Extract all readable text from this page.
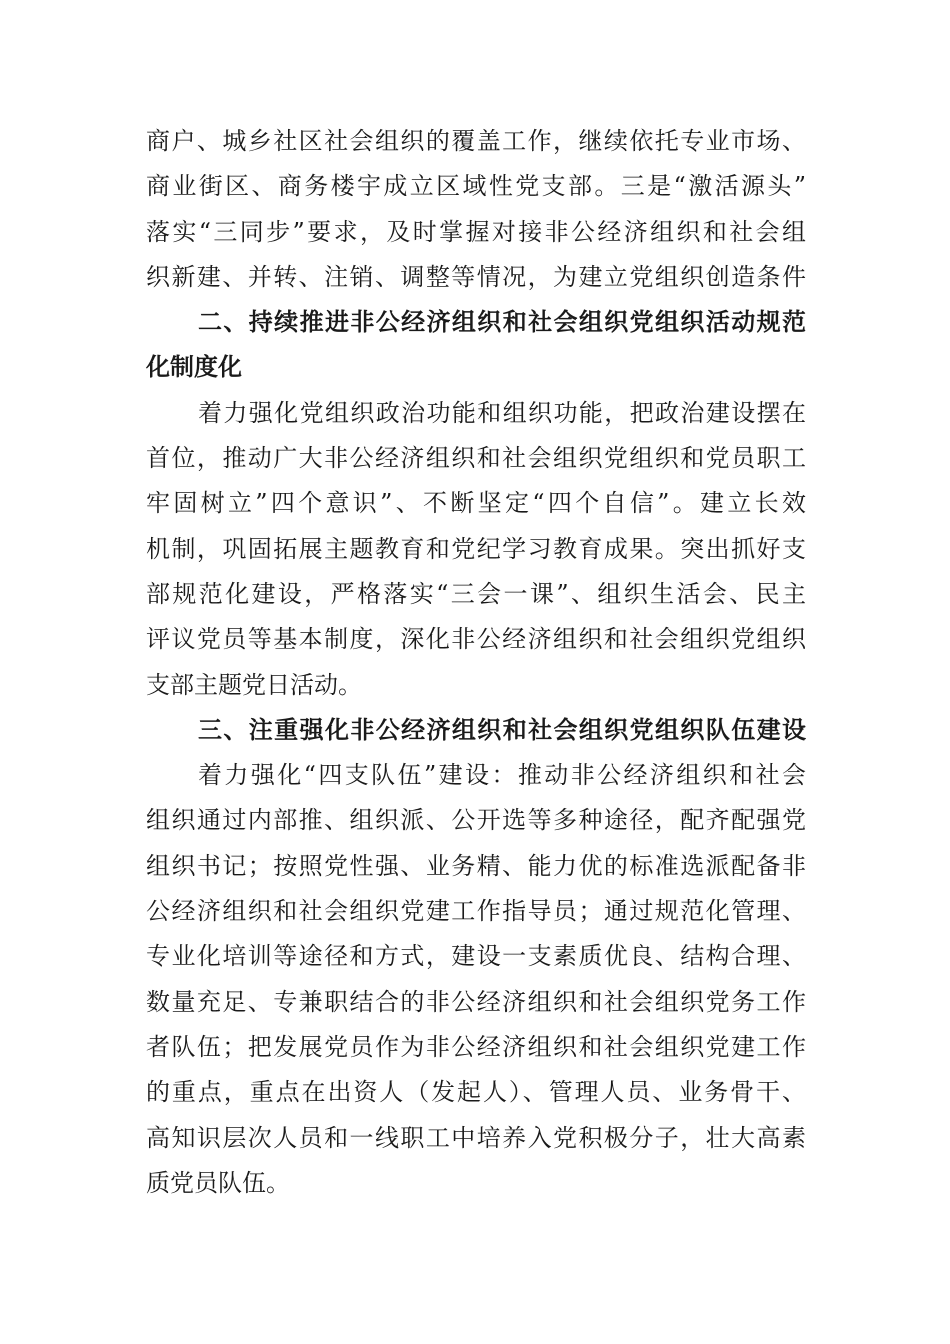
商户、城乡社区社会组织的覆盖工作，继续依托专业市场、
商业街区、商务楼宇成立区域性党支部。三是“激活源头”
落实“三同步”要求，及时掌握对接非公经济组织和社会组
织新建、并转、注销、调整等情况，为建立党组织创造条件
二、持续推进非公经济组织和社会组织党组织活动规范
化制度化
着力强化党组织政治功能和组织功能，把政治建设摆在
首位，推动广大非公经济组织和社会组织党组织和党员职工
牢固树立”四个意识”、不断坚定“四个自信”。建立长效
机制，巩固拓展主题教育和党纪学习教育成果。突出抓好支
部规范化建设，严格落实“三会一课”、组织生活会、民主
评议党员等基本制度，深化非公经济组织和社会组织党组织
支部主题党日活动。
三、注重强化非公经济组织和社会组织党组织队伍建设
着力强化“四支队伍”建设：推动非公经济组织和社会
组织通过内部推、组织派、公开选等多种途径，配齐配强党
组织书记；按照党性强、业务精、能力优的标准选派配备非
公经济组织和社会组织党建工作指导员；通过规范化管理、
专业化培训等途径和方式，建设一支素质优良、结构合理、
数量充足、专兼职结合的非公经济组织和社会组织党务工作
者队伍；把发展党员作为非公经济组织和社会组织党建工作
的重点，重点在出资人（发起人）、管理人员、业务骨干、
高知识层次人员和一线职工中培养入党积极分子，壮大高素
质党员队伍。
